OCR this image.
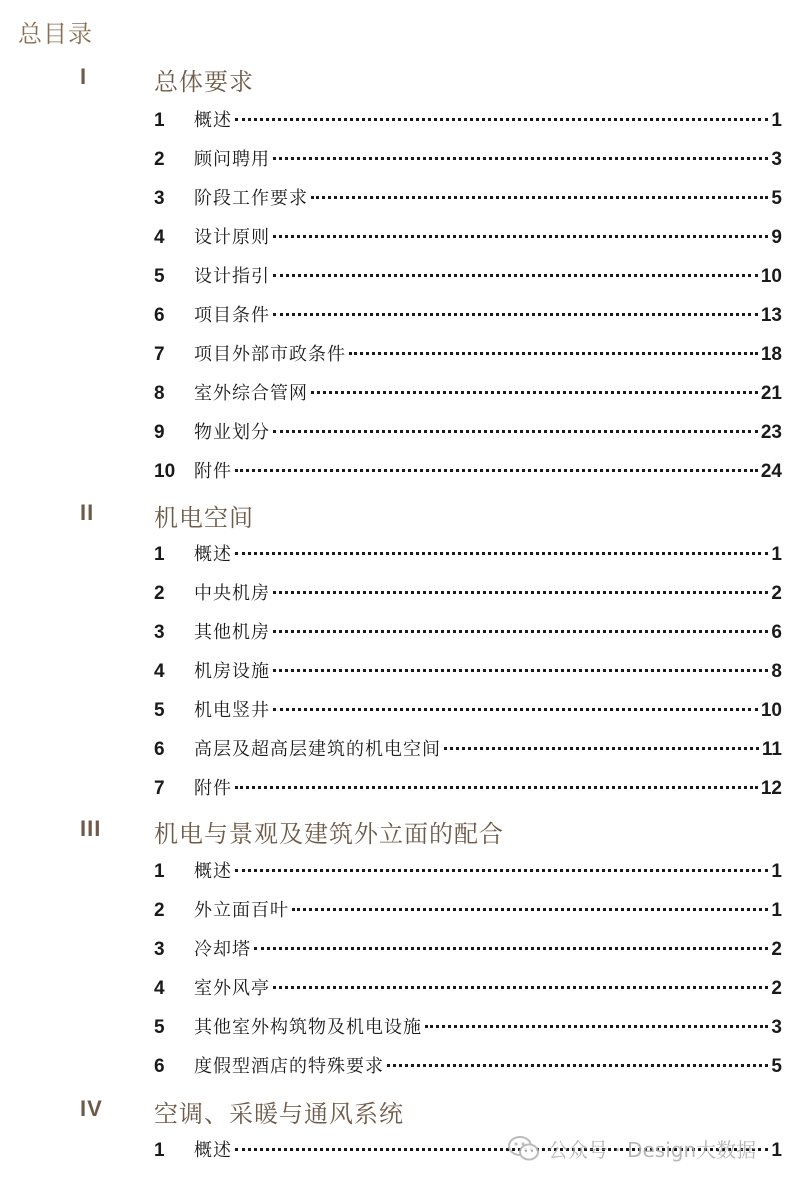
总目录
I	总体要求
1	概述	1
2	顾问聘用	3
3	阶段工作要求	5
4	设计原则	9
5	设计指引	10
6	项目条件	13
7	项目外部市政条件	18
8	室外综合管网	21
9	物业划分	23
10	附件	24
II 机电空间
1	概述	1
2	中央机房	2
3	其他机房	6
4	机房设施	8
5	机电竖井	10
6	高层及超高层建筑的机电空间	11
7	附件	12
III 机电与景观及建筑外立面的配合
1	概述	1
2	外立面百叶	1
3	冷却塔	2
4	室外风亭	2
5	其他室外构筑物及机电设施	3
6	度假型酒店的特殊要求	5
IV 空调、采暖与通风系统
1	概述	1
公众号 · Design大数据
